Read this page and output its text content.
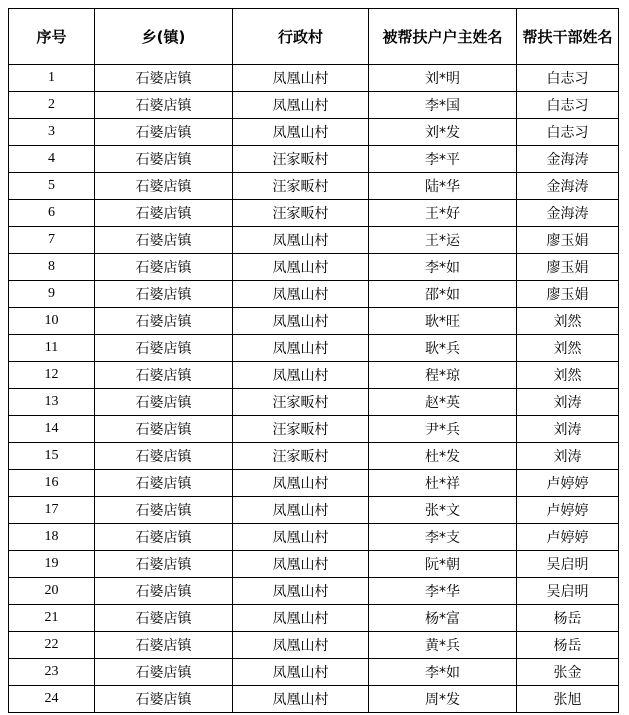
序号	乡(镇)	行政村	被帮扶户户主姓名	帮扶干部姓名
1	石婆店镇	凤凰山村	刘*明	白志习
2	石婆店镇	凤凰山村	李*国	白志习
3	石婆店镇	凤凰山村	刘*发	白志习
4	石婆店镇	汪家畈村	李*平	金海涛
5	石婆店镇	汪家畈村	陆*华	金海涛
6	石婆店镇	汪家畈村	王*好	金海涛
7	石婆店镇	凤凰山村	王*运	廖玉娟
8	石婆店镇	凤凰山村	李*如	廖玉娟
9	石婆店镇	凤凰山村	邵*如	廖玉娟
10	石婆店镇	凤凰山村	耿*旺	刘然
11	石婆店镇	凤凰山村	耿*兵	刘然
12	石婆店镇	凤凰山村	程*琼	刘然
13	石婆店镇	汪家畈村	赵*英	刘涛
14	石婆店镇	汪家畈村	尹*兵	刘涛
15	石婆店镇	汪家畈村	杜*发	刘涛
16	石婆店镇	凤凰山村	杜*祥	卢婷婷
17	石婆店镇	凤凰山村	张*文	卢婷婷
18	石婆店镇	凤凰山村	李*支	卢婷婷
19	石婆店镇	凤凰山村	阮*朝	吴启明
20	石婆店镇	凤凰山村	李*华	吴启明
21	石婆店镇	凤凰山村	杨*富	杨岳
22	石婆店镇	凤凰山村	黄*兵	杨岳
23	石婆店镇	凤凰山村	李*如	张金
24	石婆店镇	凤凰山村	周*发	张旭
